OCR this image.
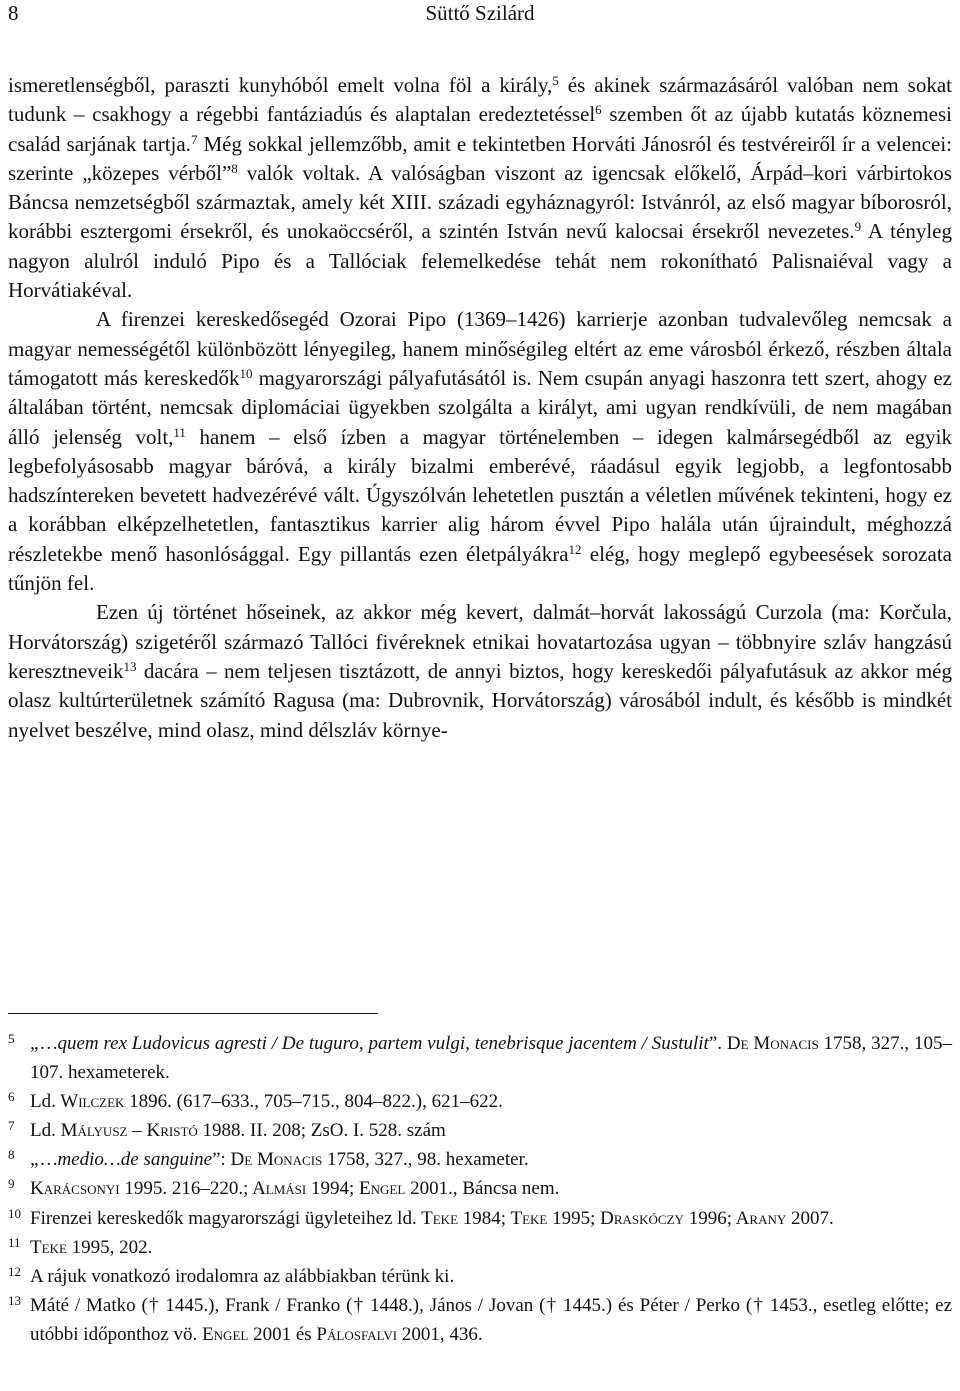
8	Süttő Szilárd

ismeretlenségből, paraszti kunyhóból emelt volna föl a király,$^5$ és akinek származásáról valóban nem sokat tudunk – csakhogy a régebbi fantáziadús és alaptalan eredeztetéssel$^6$ szemben őt az újabb kutatás köznemesi család sarjának tartja.$^7$ Még sokkal jellemzőbb, amit e tekintetben Horváti Jánosról és testvéreiről ír a velencei: szerinte „közepes vérből”$^8$ valók voltak. A valóságban viszont az igencsak előkelő, Árpád–kori várbirtokos Báncsa nemzetségből származtak, amely két XIII. századi egyháznagyról: Istvánról, az első magyar bíborosról, korábbi esztergomi érsekről, és unokaöccséről, a szintén István nevű kalocsai érsekről nevezetes.$^9$ A tényleg nagyon alulról induló Pipo és a Tallóciak felemelkedése tehát nem rokonítható Palisnaiéval vagy a Horvátiakéval.

A firenzei kereskedősegéd Ozorai Pipo (1369–1426) karrierje azonban tudvalevőleg nemcsak a magyar nemességétől különbözött lényegileg, hanem minőségileg eltért az eme városból érkező, részben általa támogatott más kereskedők$^{10}$ magyarországi pályafutásától is. Nem csupán anyagi haszonra tett szert, ahogy ez általában történt, nemcsak diplomáciai ügyekben szolgálta a királyt, ami ugyan rendkívüli, de nem magában álló jelenség volt,$^{11}$ hanem – első ízben a magyar történelemben – idegen kalmársegédből az egyik legbefolyásosabb magyar báróvá, a király bizalmi emberévé, ráadásul egyik legjobb, a legfontosabb hadszíntereken bevetett hadvezérévé vált. Úgyszólván lehetetlen pusztán a véletlen művének tekinteni, hogy ez a korábban elképzelhetetlen, fantasztikus karrier alig három évvel Pipo halála után újraindult, méghozzá részletekbe menő hasonlósággal. Egy pillantás ezen életpályákra$^{12}$ elég, hogy meglepő egybeesések sorozata tűnjön fel.

Ezen új történet hőseinek, az akkor még kevert, dalmát–horvát lakosságú Curzola (ma: Korčula, Horvátország) szigetéről származó Tallóci fivéreknek etnikai hovatartozása ugyan – többnyire szláv hangzású keresztneveik$^{13}$ dacára – nem teljesen tisztázott, de annyi biztos, hogy kereskedői pályafutásuk az akkor még olasz kultúrterületnek számító Ragusa (ma: Dubrovnik, Horvátország) városából indult, és később is mindkét nyelvet beszélve, mind olasz, mind délszláv környe-

$^5$ „…quem rex Ludovicus agresti / De tuguro, partem vulgi, tenebrisque jacentem / Sustulit”. De Monacis 1758, 327., 105–107. hexameterek.

$^6$ Ld. Wilczek 1896. (617–633., 705–715., 804–822.), 621–622.

$^7$ Ld. Mályusz – Kristó 1988. II. 208; ZsO. I. 528. szám

$^8$ „…medio…de sanguine”: De Monacis 1758, 327., 98. hexameter.

$^9$ Karácsonyi 1995. 216–220.; Almási 1994; Engel 2001., Báncsa nem.

$^{10}$ Firenzei kereskedők magyarországi ügyleteihez ld. Teke 1984; Teke 1995; Draskóczy 1996; Arany 2007.

$^{11}$ Teke 1995, 202.

$^{12}$ A rájuk vonatkozó irodalomra az alábbiakban térünk ki.

$^{13}$ Máté / Matko († 1445.), Frank / Franko († 1448.), János / Jovan († 1445.) és Péter / Perko († 1453., esetleg előtte; ez utóbbi időponthoz vö. Engel 2001 és Pálosfalvi 2001, 436.
